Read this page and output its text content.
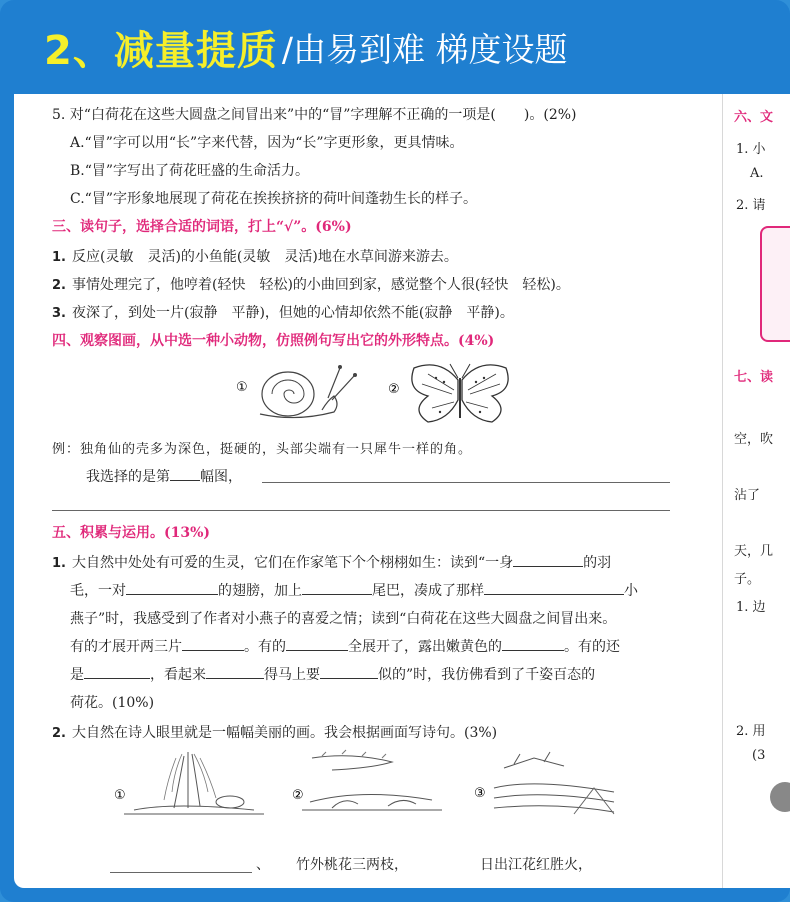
2、减量提质 /由易到难 梯度设题
5. 对“白荷花在这些大圆盘之间冒出来”中的“冒”字理解不正确的一项是(　　)。(2%)
A.“冒”字可以用“长”字来代替，因为“长”字更形象，更具情味。
B.“冒”字写出了荷花旺盛的生命活力。
C.“冒”字形象地展现了荷花在挨挨挤挤的荷叶间蓬勃生长的样子。
三、读句子，选择合适的词语，打上“√”。(6%)
1. 反应(灵敏　灵活)的小鱼能(灵敏　灵活)地在水草间游来游去。
2. 事情处理完了，他哼着(轻快　轻松)的小曲回到家，感觉整个人很(轻快　轻松)。
3. 夜深了，到处一片(寂静　平静)，但她的心情却依然不能(寂静　平静)。
四、观察图画，从中选一种小动物，仿照例句写出它的外形特点。(4%)
①	②
例：独角仙的壳多为深色，挺硬的，头部尖端有一只犀牛一样的角。
我选择的是第 幅图，
五、积累与运用。(13%)
1. 大自然中处处有可爱的生灵，它们在作家笔下个个栩栩如生：读到“一身	的羽
毛，一对	的翅膀，加上	尾巴，凑成了那样	小
燕子”时，我感受到了作者对小燕子的喜爱之情；读到“白荷花在这些大圆盘之间冒出来。
有的才展开两三片	。有的	全展开了，露出嫩黄色的	。有的还
是	，看起来	得马上要	似的”时，我仿佛看到了千姿百态的
荷花。(10%)
2. 大自然在诗人眼里就是一幅幅美丽的画。我会根据画面写诗句。(3%)
①	②	③
、 竹外桃花三两枝，	日出江花红胜火，
六、文
1. 小
A.
2. 请
七、读
空，吹
沾了
天，几
子。
1. 边
2. 用
(3
